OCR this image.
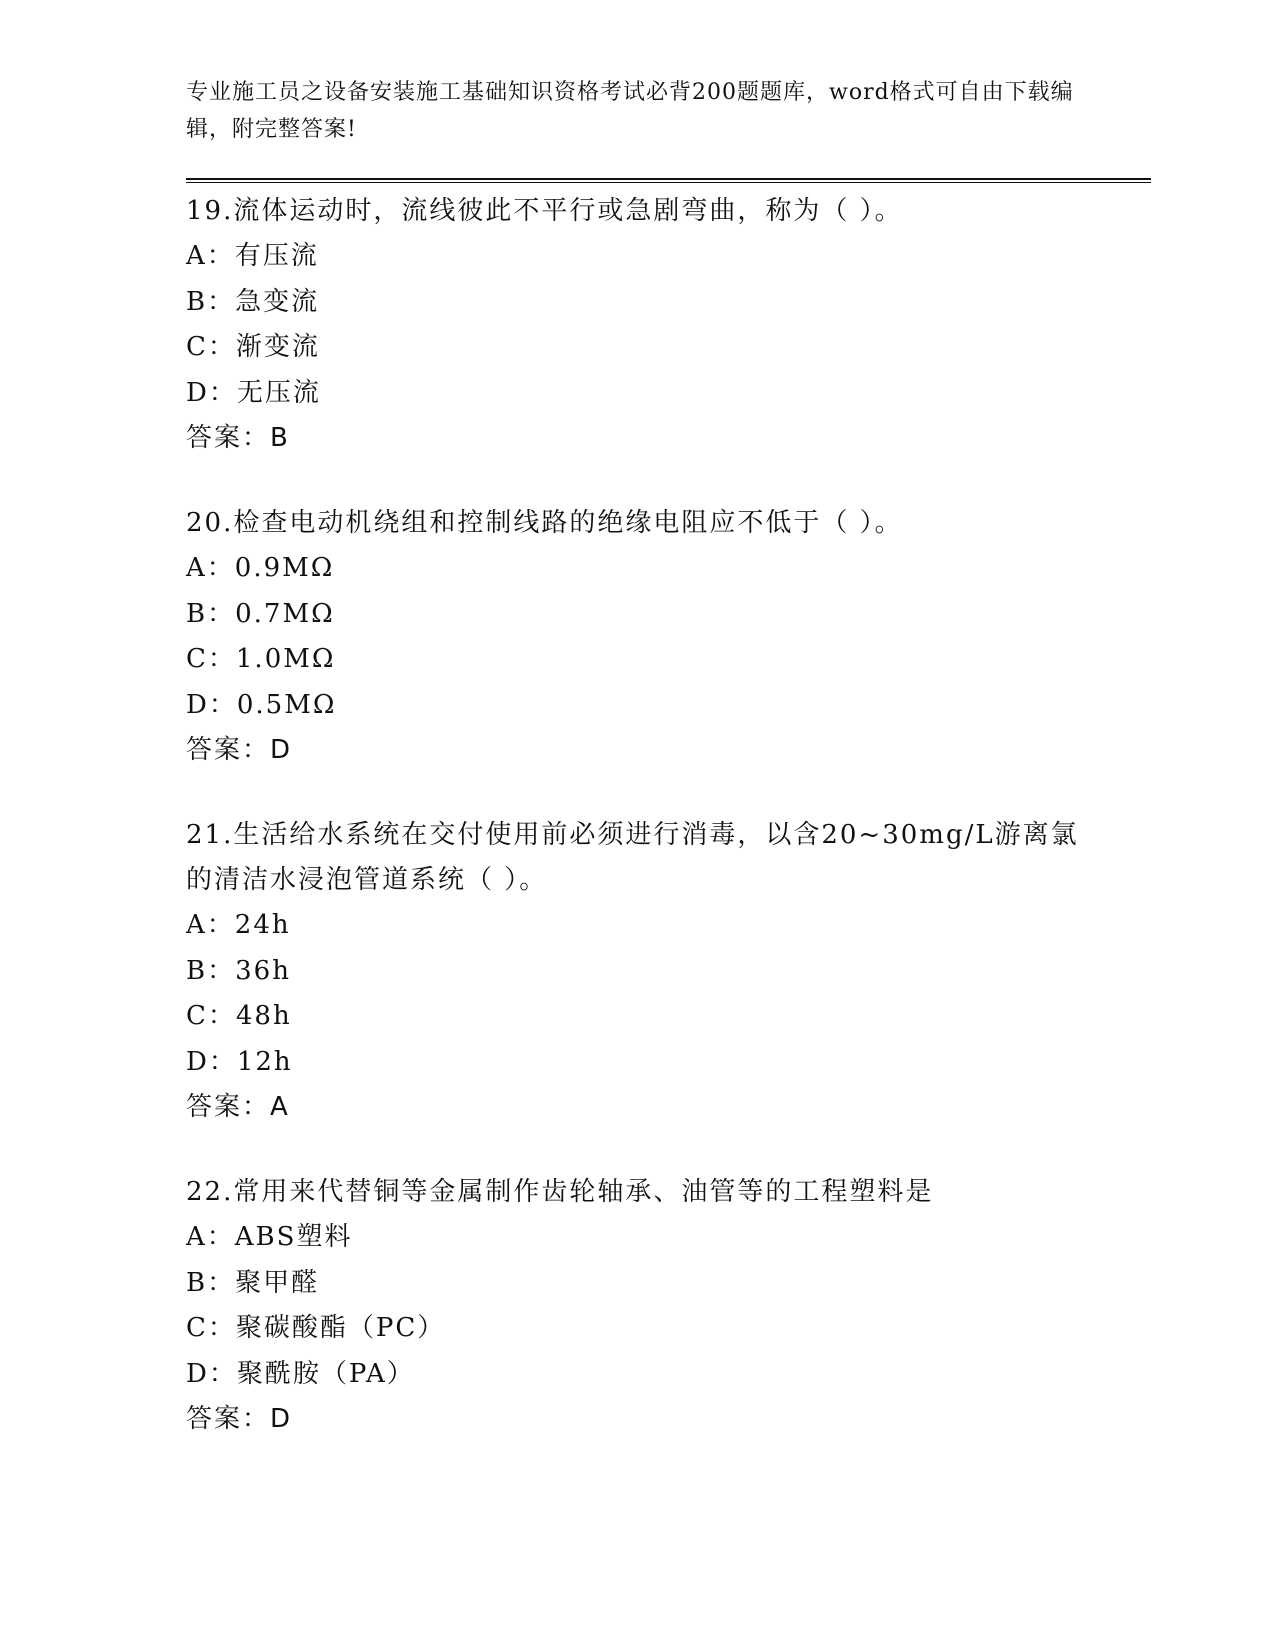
专业施工员之设备安装施工基础知识资格考试必背200题题库，word格式可自由下载编辑，附完整答案!
19.流体运动时，流线彼此不平行或急剧弯曲，称为（ ）。
A：有压流
B：急变流
C：渐变流
D：无压流
答案：B
20.检查电动机绕组和控制线路的绝缘电阻应不低于（ ）。
A：0.9MΩ
B：0.7MΩ
C：1.0MΩ
D：0.5MΩ
答案：D
21.生活给水系统在交付使用前必须进行消毒，以含20~30mg/L游离氯的清洁水浸泡管道系统（ ）。
A：24h
B：36h
C：48h
D：12h
答案：A
22.常用来代替铜等金属制作齿轮轴承、油管等的工程塑料是
A：ABS塑料
B：聚甲醛
C：聚碳酸酯（PC）
D：聚酰胺（PA）
答案：D
